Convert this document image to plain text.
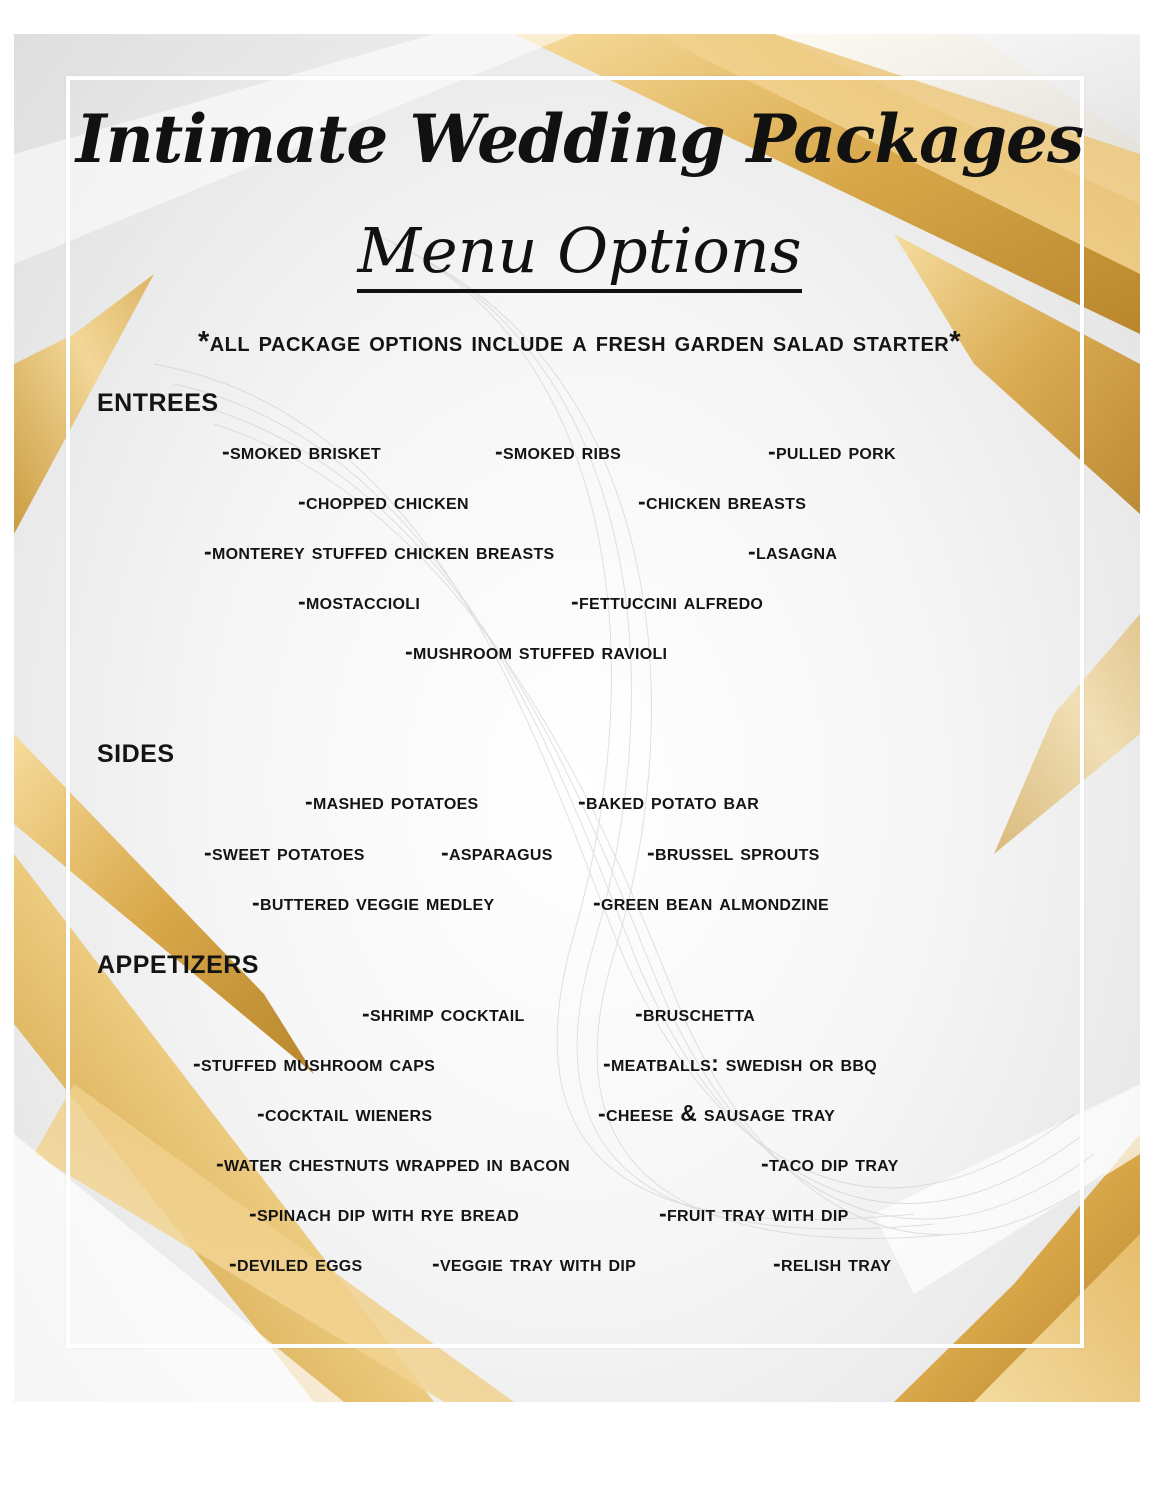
Intimate Wedding Packages
Menu Options
*all package options include a fresh garden salad starter*
entrees
-smoked brisket	-smoked ribs	-pulled pork
-chopped chicken	-chicken breasts
-monterey stuffed chicken breasts	-lasagna
-mostaccioli	-fettuccini alfredo
-mushroom stuffed ravioli
sides
-mashed potatoes	-baked potato bar
-sweet potatoes	-asparagus	-brussel sprouts
-buttered veggie medley	-green bean almondzine
appetizers
-shrimp cocktail	-bruschetta
-stuffed mushroom caps	-meatballs: swedish or bbq
-cocktail wieners	-cheese & sausage tray
-water chestnuts wrapped in bacon	-taco dip tray
-spinach dip with rye bread	-fruit tray with dip
-deviled eggs	-veggie tray with dip	-relish tray
